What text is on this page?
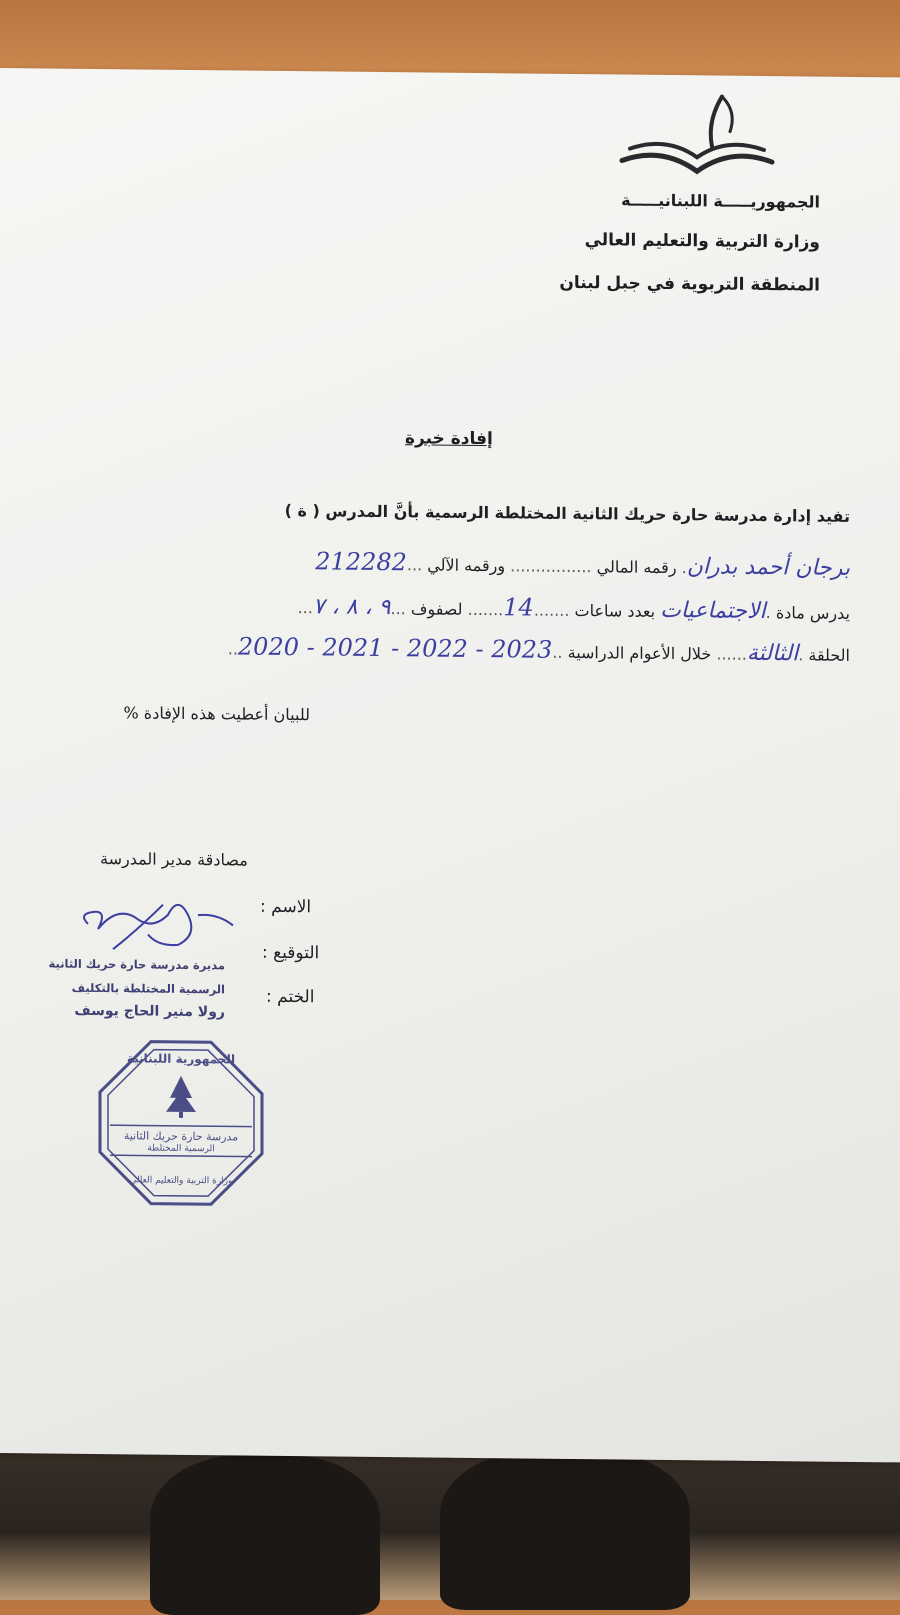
الجمهوريـــــة اللبنانيـــــة
وزارة التربية والتعليم العالي
المنطقة التربوية في جبل لبنان
إفادة خبرة
تفيد إدارة مدرسة حارة حريك الثانية المختلطة الرسمية بأنَّ المدرس ( ة )
برجان أحمد بدران. رقمه المالي ................ ورقمه الآلي ...212282
يدرس مادة .الاجتماعيات بعدد ساعات .......14....... لصفوف ...٩ ، ٨ ، ٧...
الحلقة .الثالثة...... خلال الأعوام الدراسية ..2023 - 2022 - 2021 - 2020..
للبيان أعطيت هذه الإفادة %
مصادقة مدير المدرسة
الاسم :
التوقيع :
الختم :
مديرة مدرسة حارة حريك الثانية
الرسمية المختلطة بالتكليف
رولا منير الحاج يوسف
الجمهورية اللبنانية
مدرسة حارة حريك الثانية
الرسمية المختلطة
وزارة التربية والتعليم العالي
